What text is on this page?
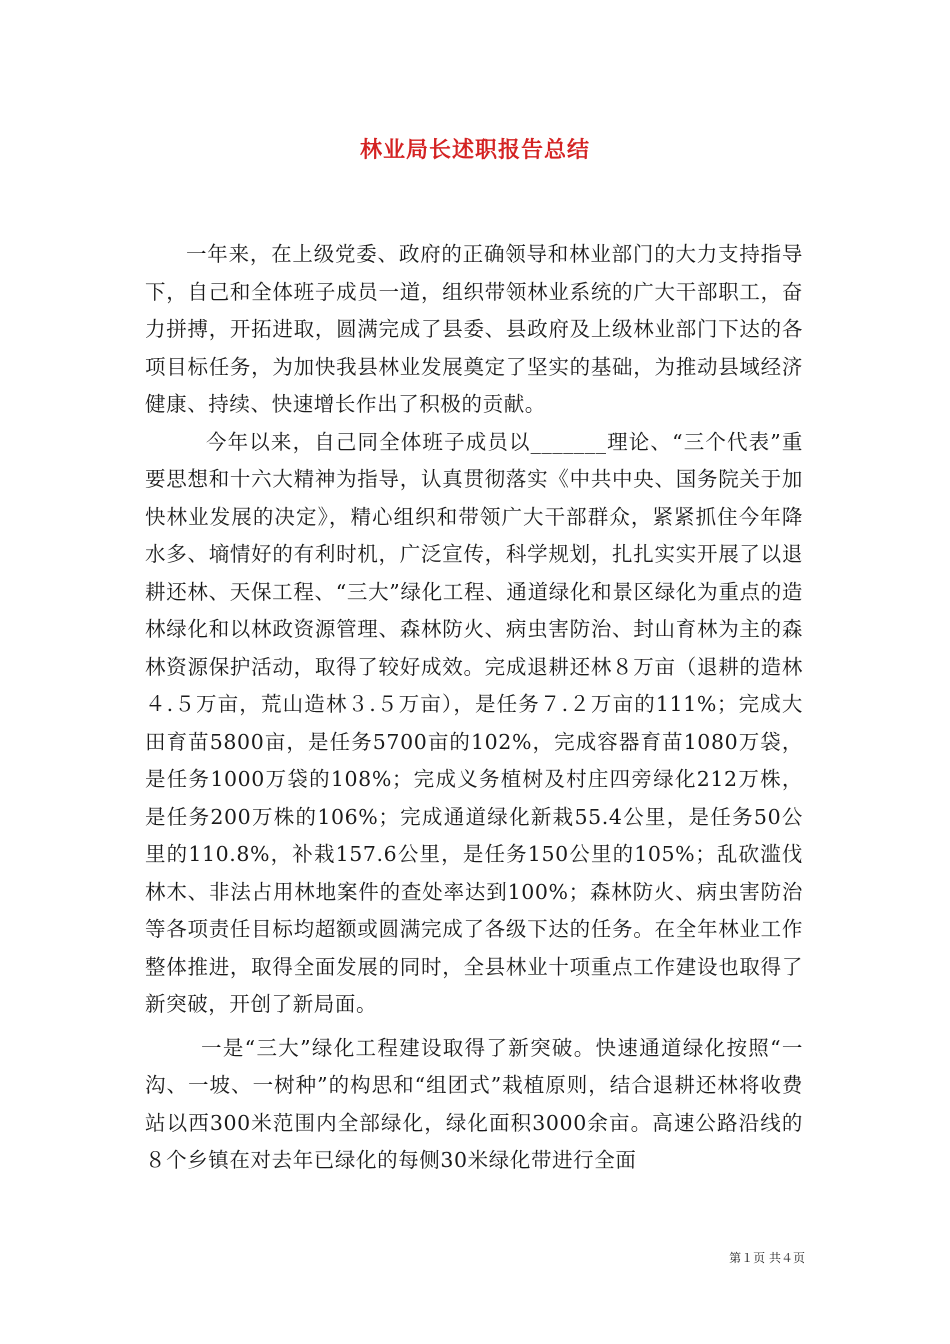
林业局长述职报告总结

一年来，在上级党委、政府的正确领导和林业部门的大力支持指导下，自己和全体班子成员一道，组织带领林业系统的广大干部职工，奋力拼搏，开拓进取，圆满完成了县委、县政府及上级林业部门下达的各项目标任务，为加快我县林业发展奠定了坚实的基础，为推动县域经济健康、持续、快速增长作出了积极的贡献。

今年以来，自己同全体班子成员以_______理论、“三个代表”重要思想和十六大精神为指导，认真贯彻落实《中共中央、国务院关于加快林业发展的决定》，精心组织和带领广大干部群众，紧紧抓住今年降水多、墒情好的有利时机，广泛宣传，科学规划，扎扎实实开展了以退耕还林、天保工程、“三大”绿化工程、通道绿化和景区绿化为重点的造林绿化和以林政资源管理、森林防火、病虫害防治、封山育林为主的森林资源保护活动，取得了较好成效。完成退耕还林８万亩（退耕的造林４.５万亩，荒山造林３.５万亩），是任务７.２万亩的111%；完成大田育苗5800亩，是任务5700亩的102%，完成容器育苗1080万袋，是任务1000万袋的108%；完成义务植树及村庄四旁绿化212万株，是任务200万株的106%；完成通道绿化新栽55.4公里，是任务50公里的110.8%，补栽157.6公里，是任务150公里的105%；乱砍滥伐林木、非法占用林地案件的查处率达到100%；森林防火、病虫害防治等各项责任目标均超额或圆满完成了各级下达的任务。在全年林业工作整体推进，取得全面发展的同时，全县林业十项重点工作建设也取得了新突破，开创了新局面。

一是“三大”绿化工程建设取得了新突破。快速通道绿化按照“一沟、一坡、一树种”的构思和“组团式”栽植原则，结合退耕还林将收费站以西300米范围内全部绿化，绿化面积3000余亩。高速公路沿线的８个乡镇在对去年已绿化的每侧30米绿化带进行全面

第１页 共４页
